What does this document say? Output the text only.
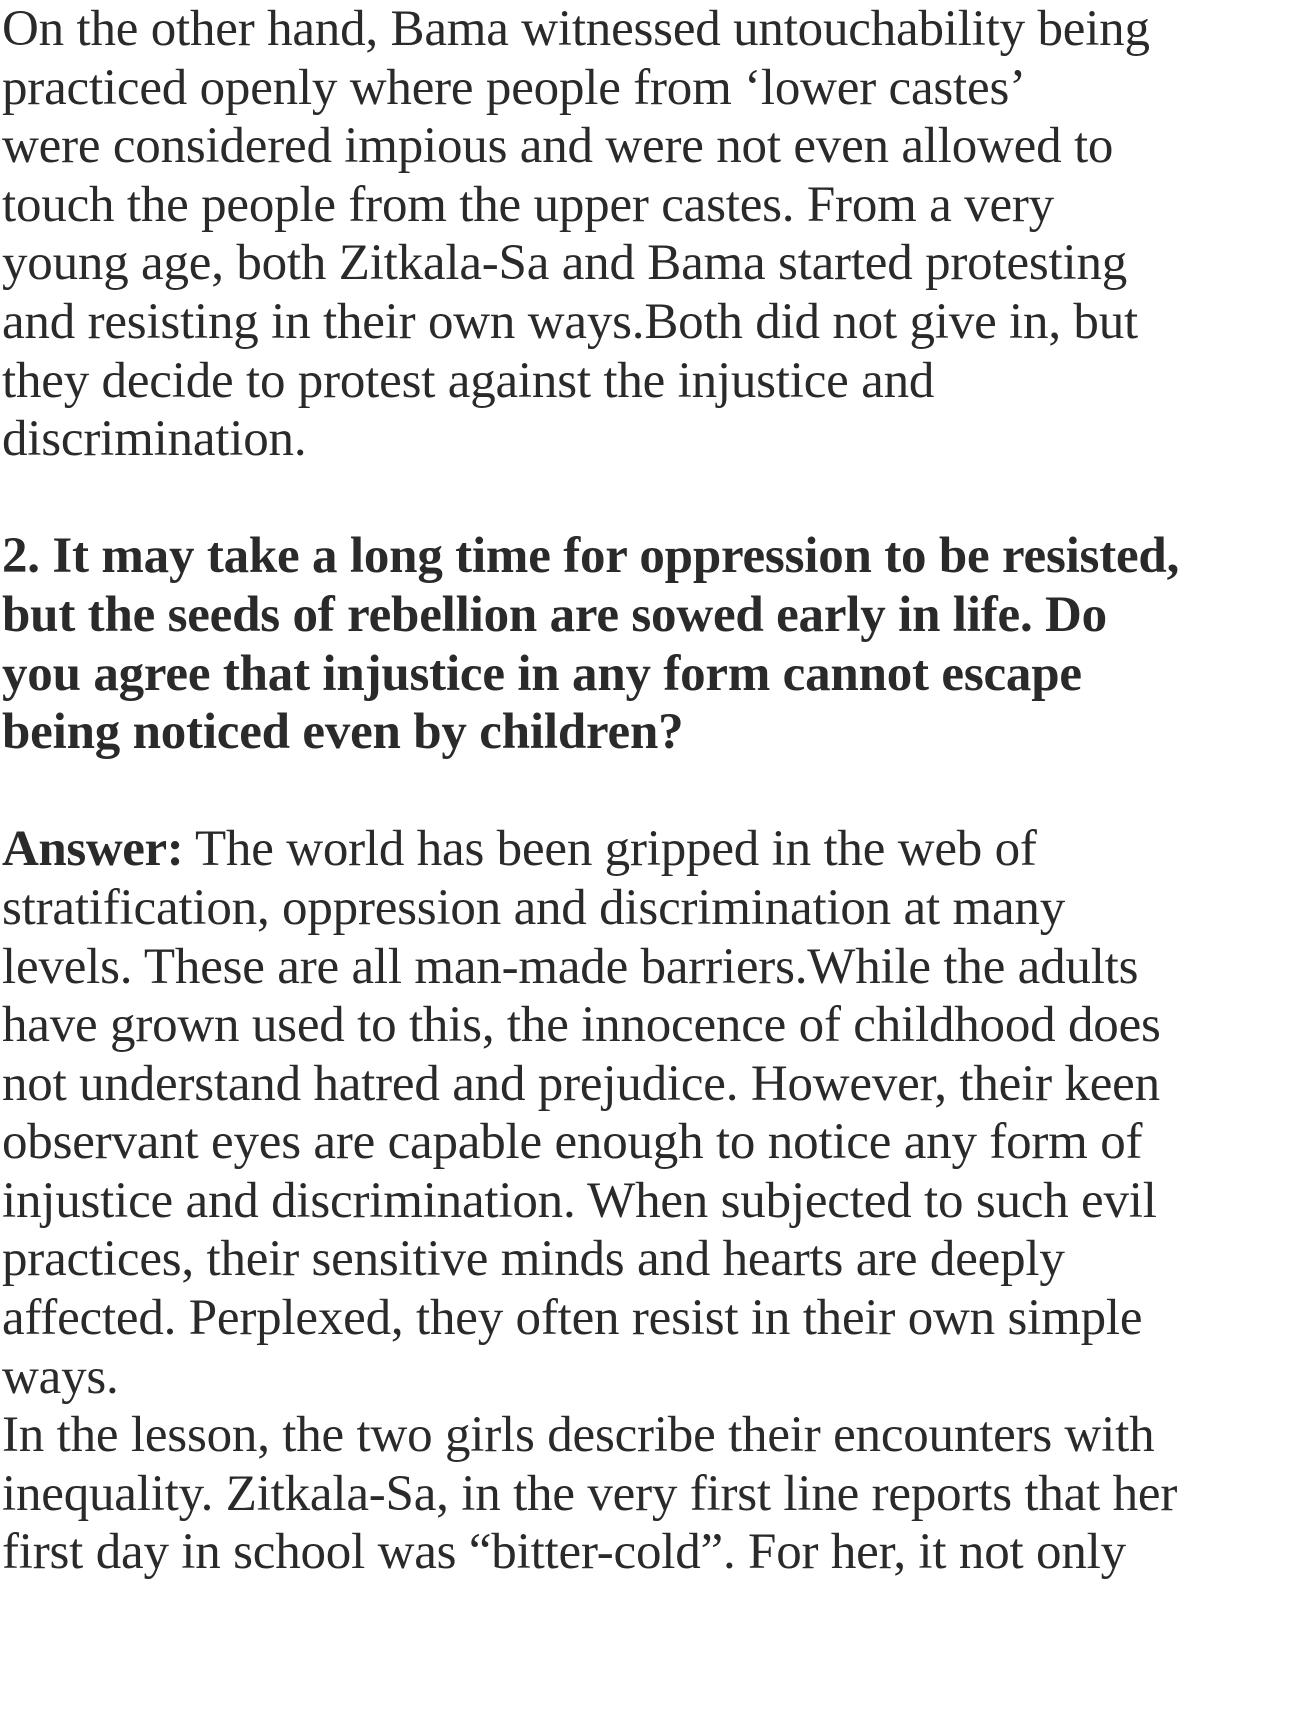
On the other hand, Bama witnessed untouchability being
practiced openly where people from ‘lower castes’
were considered impious and were not even allowed to
touch the people from the upper castes. From a very
young age, both Zitkala-Sa and Bama started protesting
and resisting in their own ways.Both did not give in, but
they decide to protest against the injustice and
discrimination.
2. It may take a long time for oppression to be resisted,
but the seeds of rebellion are sowed early in life. Do
you agree that injustice in any form cannot escape
being noticed even by children?
Answer: The world has been gripped in the web of
stratification, oppression and discrimination at many
levels. These are all man-made barriers.While the adults
have grown used to this, the innocence of childhood does
not understand hatred and prejudice. However, their keen
observant eyes are capable enough to notice any form of
injustice and discrimination. When subjected to such evil
practices, their sensitive minds and hearts are deeply
affected. Perplexed, they often resist in their own simple
ways.
In the lesson, the two girls describe their encounters with
inequality. Zitkala-Sa, in the very first line reports that her
first day in school was “bitter-cold”. For her, it not only
